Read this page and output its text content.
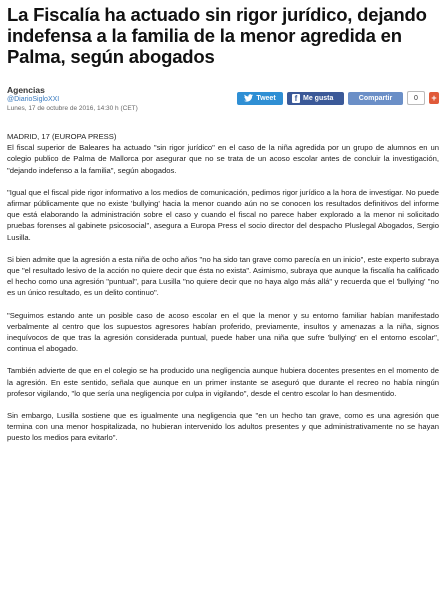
La Fiscalía ha actuado sin rigor jurídico, dejando indefensa a la familia de la menor agredida en Palma, según abogados
Agencias
@DiarioSigloXXI
Lunes, 17 de octubre de 2016, 14:30 h (CET)
Tweet	f Me gusta	Compartir	0	+
MADRID, 17 (EUROPA PRESS)

El fiscal superior de Baleares ha actuado "sin rigor jurídico" en el caso de la niña agredida por un grupo de alumnos en un colegio publico de Palma de Mallorca por asegurar que no se trata de un acoso escolar antes de concluir la investigación, "dejando indefenso a la familia", según abogados.

"Igual que el fiscal pide rigor informativo a los medios de comunicación, pedimos rigor jurídico a la hora de investigar. No puede afirmar públicamente que no existe 'bullying' hacia la menor cuando aún no se conocen los resultados definitivos del informe que está elaborando la administración sobre el caso y cuando el fiscal no parece haber explorado a la menor ni solicitado pruebas forenses al gabinete psicosocial", asegura a Europa Press el socio director del despacho Pluslegal Abogados, Sergio Lusilla.

Si bien admite que la agresión a esta niña de ocho años "no ha sido tan grave como parecía en un inicio", este experto subraya que "el resultado lesivo de la acción no quiere decir que ésta no exista". Asimismo, subraya que aunque la fiscalía ha calificado el hecho como una agresión "puntual", para Lusilla "no quiere decir que no haya algo más allá" y recuerda que el 'bullying' "no es un único resultado, es un delito continuo".

"Seguimos estando ante un posible caso de acoso escolar en el que la menor y su entorno familiar habían manifestado verbalmente al centro que los supuestos agresores habían proferido, previamente, insultos y amenazas a la niña, signos inequívocos de que tras la agresión considerada puntual, puede haber una niña que sufre 'bullying' en el entorno escolar", continua el abogado.

También advierte de que en el colegio se ha producido una negligencia aunque hubiera docentes presentes en el momento de la agresión. En este sentido, señala que aunque en un primer instante se aseguró que durante el recreo no había ningún profesor vigilando, "lo que sería una negligencia por culpa in vigilando", desde el centro escolar lo han desmentido.

Sin embargo, Lusilla sostiene que es igualmente una negligencia que "en un hecho tan grave, como es una agresión que termina con una menor hospitalizada, no hubieran intervenido los adultos presentes y que administrativamente no se hayan puesto los medios para evitarlo".
